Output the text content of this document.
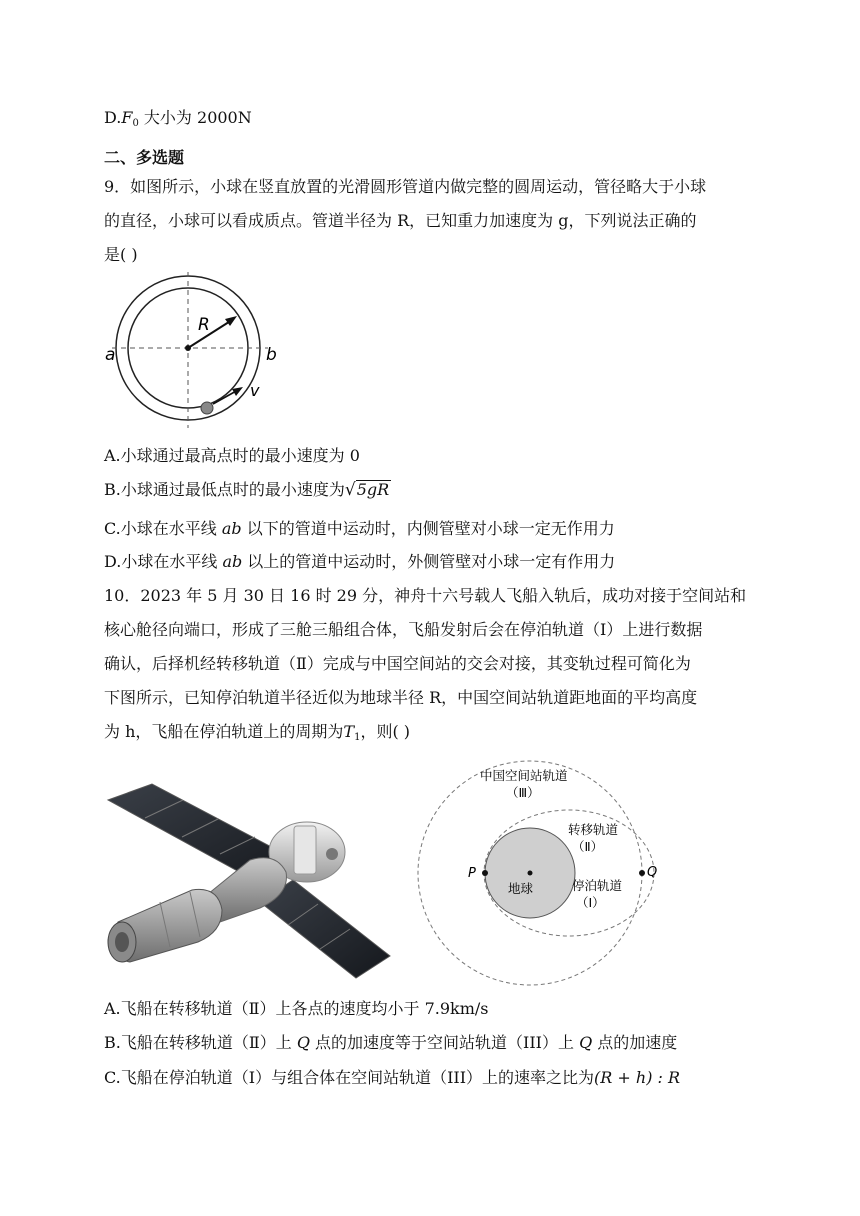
$D.F_0$ 大小为 2000N
二、多选题
9．如图所示，小球在竖直放置的光滑圆形管道内做完整的圆周运动，管径略大于小球
的直径，小球可以看成质点。管道半径为 R，已知重力加速度为 g，下列说法正确的
是( )
R
a	b
v
A.小球通过最高点时的最小速度为 0
B.小球通过最低点时的最小速度为√5gR
C.小球在水平线 ab 以下的管道中运动时，内侧管壁对小球一定无作用力
D.小球在水平线 ab 以上的管道中运动时，外侧管壁对小球一定有作用力
10．2023 年 5 月 30 日 16 时 29 分，神舟十六号载人飞船入轨后，成功对接于空间站和
核心舱径向端口，形成了三舱三船组合体，飞船发射后会在停泊轨道（I）上进行数据
确认，后择机经转移轨道（Ⅱ）完成与中国空间站的交会对接，其变轨过程可简化为
下图所示，已知停泊轨道半径近似为地球半径 R，中国空间站轨道距地面的平均高度
为 h，飞船在停泊轨道上的周期为$T_1$，则( )
中国空间站轨道
（Ⅲ）
转移轨道
（Ⅱ）
停泊轨道
（Ⅰ）
地球
P	Q
A.飞船在转移轨道（Ⅱ）上各点的速度均小于 7.9km/s
B.飞船在转移轨道（Ⅱ）上 Q 点的加速度等于空间站轨道（III）上 Q 点的加速度
C.飞船在停泊轨道（I）与组合体在空间站轨道（III）上的速率之比为(R + h) : R
